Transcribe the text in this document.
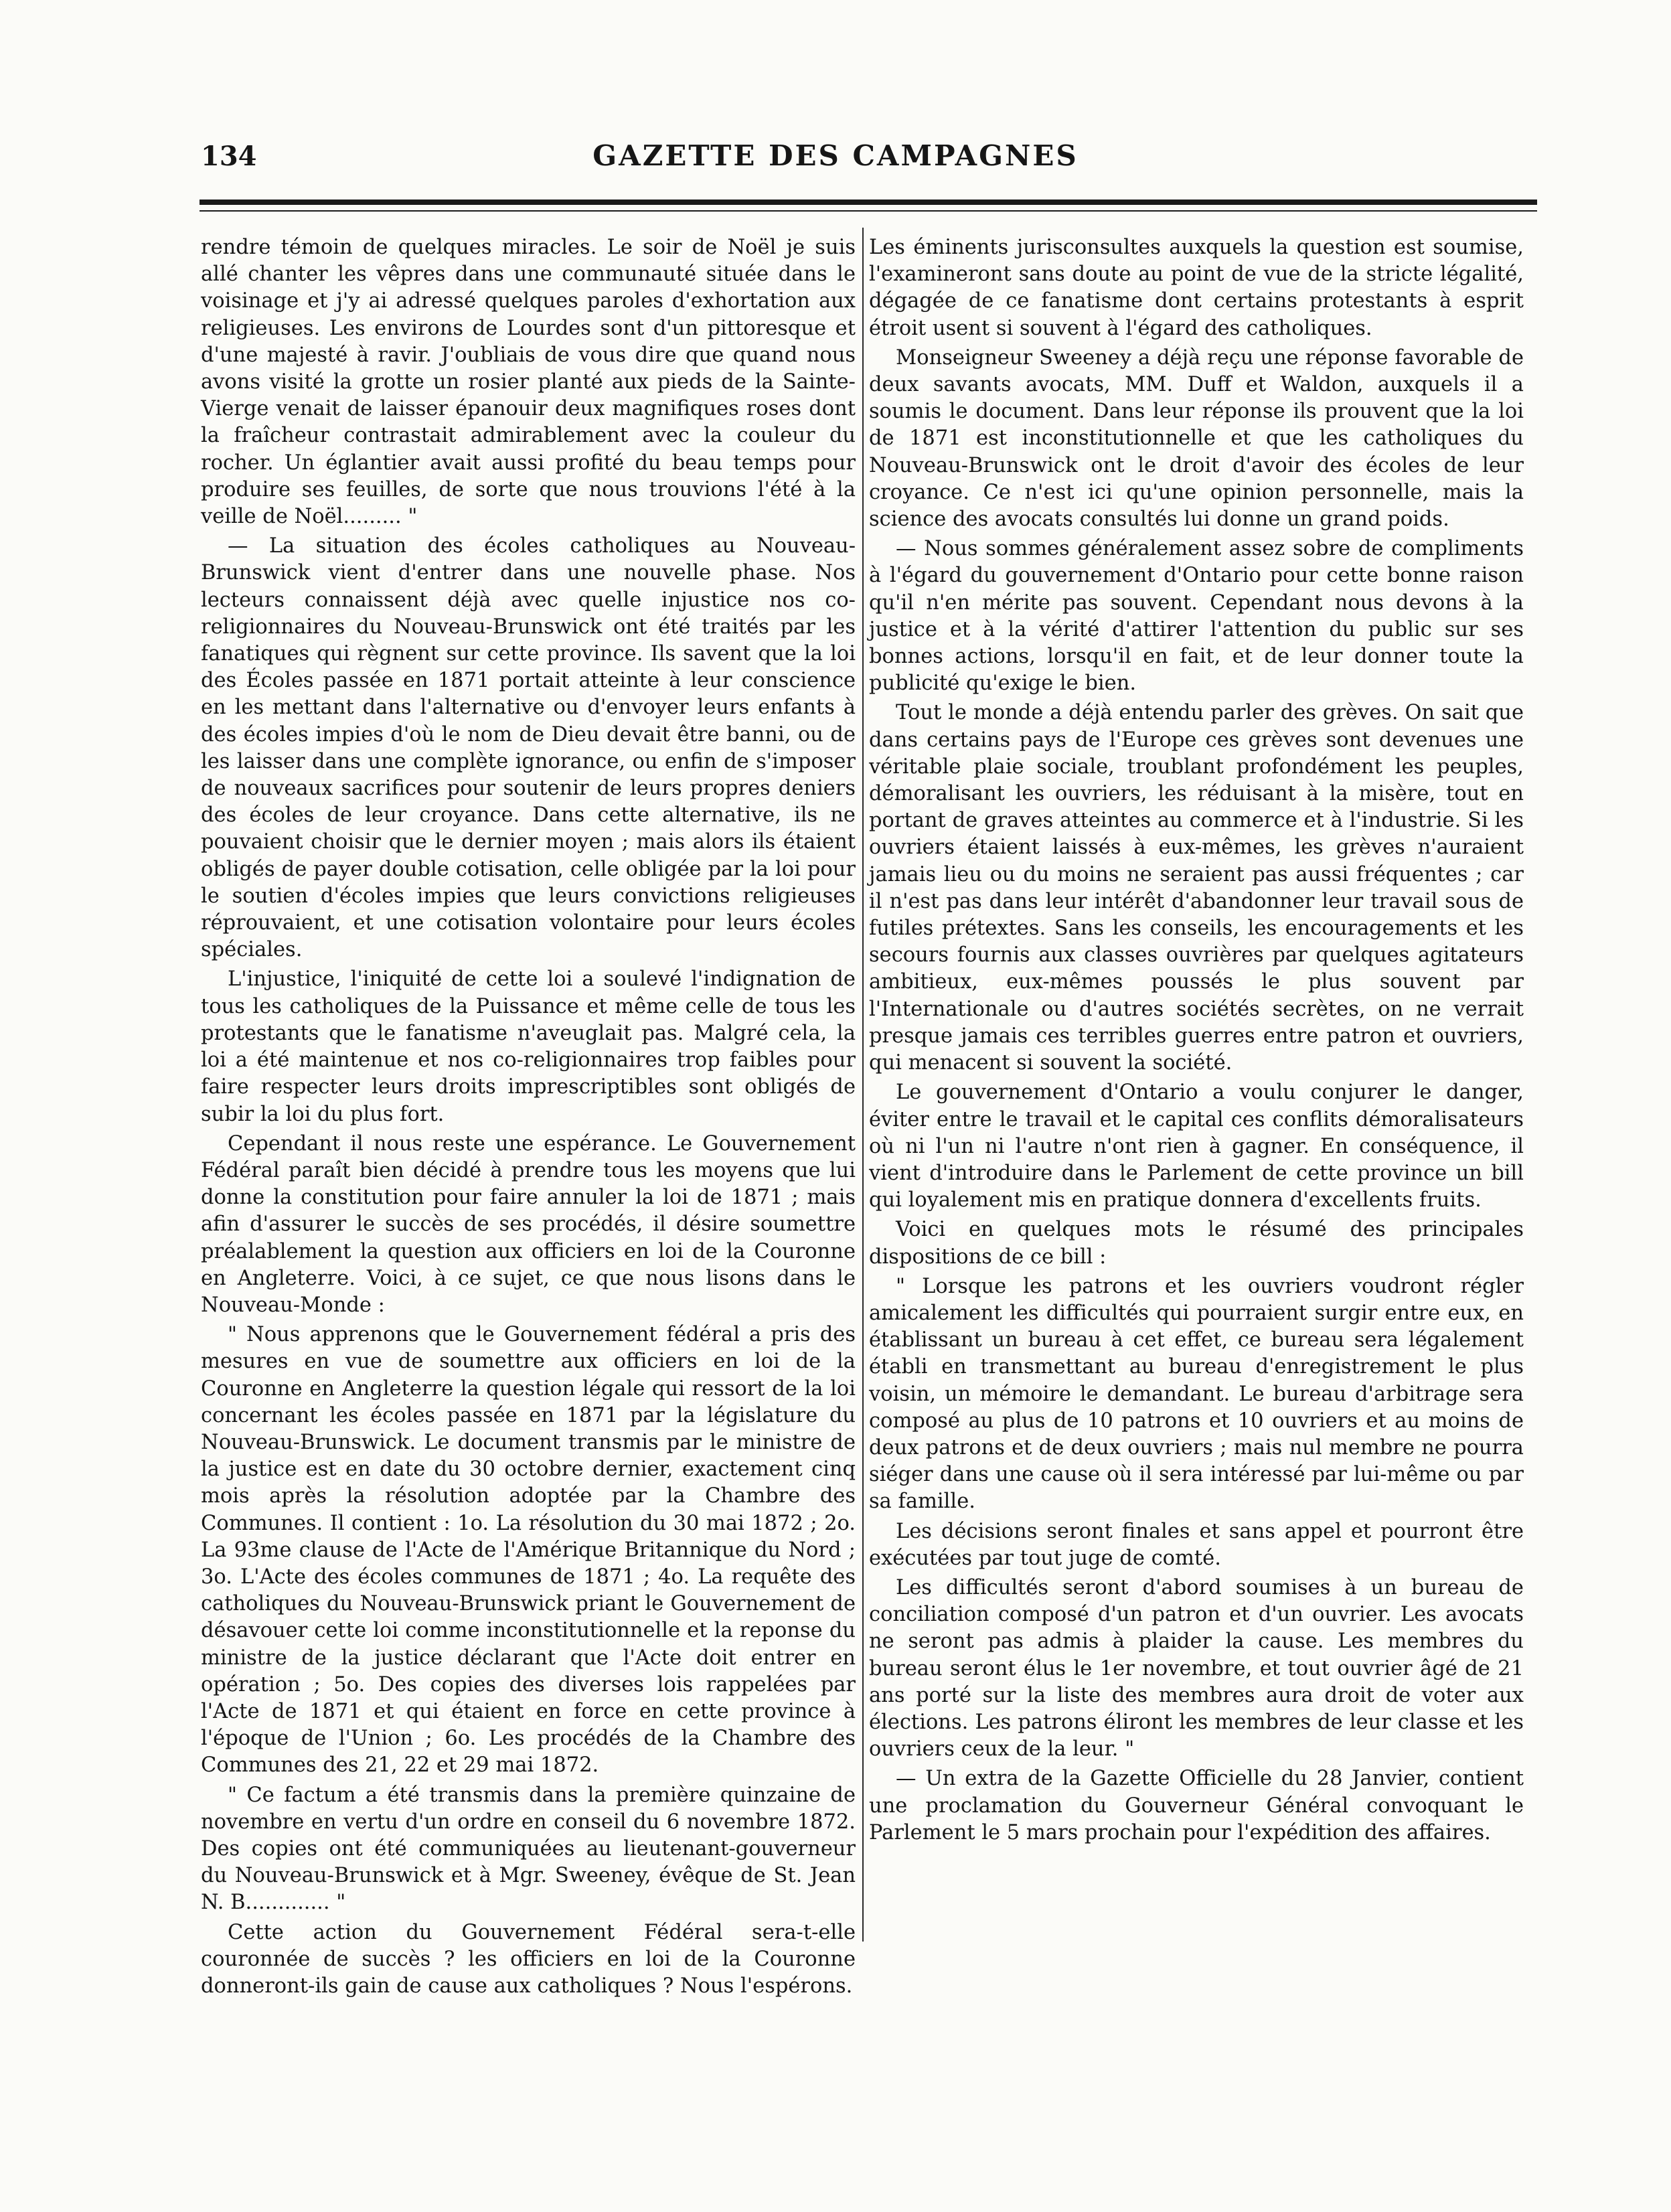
134	GAZETTE DES CAMPAGNES

rendre témoin de quelques miracles. Le soir de Noël je suis allé chanter les vêpres dans une communauté située dans le voisinage et j'y ai adressé quelques paroles d'exhortation aux religieuses. Les environs de Lourdes sont d'un pittoresque et d'une majesté à ravir. J'oubliais de vous dire que quand nous avons visité la grotte un rosier planté aux pieds de la Sainte-Vierge venait de laisser épanouir deux magnifiques roses dont la fraîcheur contrastait admirablement avec la couleur du rocher. Un églantier avait aussi profité du beau temps pour produire ses feuilles, de sorte que nous trouvions l'été à la veille de Noël......... "

— La situation des écoles catholiques au Nouveau-Brunswick vient d'entrer dans une nouvelle phase. Nos lecteurs connaissent déjà avec quelle injustice nos co-religionnaires du Nouveau-Brunswick ont été traités par les fanatiques qui règnent sur cette province. Ils savent que la loi des Écoles passée en 1871 portait atteinte à leur conscience en les mettant dans l'alternative ou d'envoyer leurs enfants à des écoles impies d'où le nom de Dieu devait être banni, ou de les laisser dans une complète ignorance, ou enfin de s'imposer de nouveaux sacrifices pour soutenir de leurs propres deniers des écoles de leur croyance. Dans cette alternative, ils ne pouvaient choisir que le dernier moyen ; mais alors ils étaient obligés de payer double cotisation, celle obligée par la loi pour le soutien d'écoles impies que leurs convictions religieuses réprouvaient, et une cotisation volontaire pour leurs écoles spéciales.

L'injustice, l'iniquité de cette loi a soulevé l'indignation de tous les catholiques de la Puissance et même celle de tous les protestants que le fanatisme n'aveuglait pas. Malgré cela, la loi a été maintenue et nos co-religionnaires trop faibles pour faire respecter leurs droits imprescriptibles sont obligés de subir la loi du plus fort.

Cependant il nous reste une espérance. Le Gouvernement Fédéral paraît bien décidé à prendre tous les moyens que lui donne la constitution pour faire annuler la loi de 1871 ; mais afin d'assurer le succès de ses procédés, il désire soumettre préalablement la question aux officiers en loi de la Couronne en Angleterre. Voici, à ce sujet, ce que nous lisons dans le Nouveau-Monde :

" Nous apprenons que le Gouvernement fédéral a pris des mesures en vue de soumettre aux officiers en loi de la Couronne en Angleterre la question légale qui ressort de la loi concernant les écoles passée en 1871 par la législature du Nouveau-Brunswick. Le document transmis par le ministre de la justice est en date du 30 octobre dernier, exactement cinq mois après la résolution adoptée par la Chambre des Communes. Il contient : 1o. La résolution du 30 mai 1872 ; 2o. La 93me clause de l'Acte de l'Amérique Britannique du Nord ; 3o. L'Acte des écoles communes de 1871 ; 4o. La requête des catholiques du Nouveau-Brunswick priant le Gouvernement de désavouer cette loi comme inconstitutionnelle et la reponse du ministre de la justice déclarant que l'Acte doit entrer en opération ; 5o. Des copies des diverses lois rappelées par l'Acte de 1871 et qui étaient en force en cette province à l'époque de l'Union ; 6o. Les procédés de la Chambre des Communes des 21, 22 et 29 mai 1872.

" Ce factum a été transmis dans la première quinzaine de novembre en vertu d'un ordre en conseil du 6 novembre 1872. Des copies ont été communiquées au lieutenant-gouverneur du Nouveau-Brunswick et à Mgr. Sweeney, évêque de St. Jean N. B............. "

Cette action du Gouvernement Fédéral sera-t-elle couronnée de succès ? les officiers en loi de la Couronne donneront-ils gain de cause aux catholiques ? Nous l'espérons.

Les éminents jurisconsultes auxquels la question est soumise, l'examineront sans doute au point de vue de la stricte légalité, dégagée de ce fanatisme dont certains protestants à esprit étroit usent si souvent à l'égard des catholiques.

Monseigneur Sweeney a déjà reçu une réponse favorable de deux savants avocats, MM. Duff et Waldon, auxquels il a soumis le document. Dans leur réponse ils prouvent que la loi de 1871 est inconstitutionnelle et que les catholiques du Nouveau-Brunswick ont le droit d'avoir des écoles de leur croyance. Ce n'est ici qu'une opinion personnelle, mais la science des avocats consultés lui donne un grand poids.

— Nous sommes généralement assez sobre de compliments à l'égard du gouvernement d'Ontario pour cette bonne raison qu'il n'en mérite pas souvent. Cependant nous devons à la justice et à la vérité d'attirer l'attention du public sur ses bonnes actions, lorsqu'il en fait, et de leur donner toute la publicité qu'exige le bien.

Tout le monde a déjà entendu parler des grèves. On sait que dans certains pays de l'Europe ces grèves sont devenues une véritable plaie sociale, troublant profondément les peuples, démoralisant les ouvriers, les réduisant à la misère, tout en portant de graves atteintes au commerce et à l'industrie. Si les ouvriers étaient laissés à eux-mêmes, les grèves n'auraient jamais lieu ou du moins ne seraient pas aussi fréquentes ; car il n'est pas dans leur intérêt d'abandonner leur travail sous de futiles prétextes. Sans les conseils, les encouragements et les secours fournis aux classes ouvrières par quelques agitateurs ambitieux, eux-mêmes poussés le plus souvent par l'Internationale ou d'autres sociétés secrètes, on ne verrait presque jamais ces terribles guerres entre patron et ouvriers, qui menacent si souvent la société.

Le gouvernement d'Ontario a voulu conjurer le danger, éviter entre le travail et le capital ces conflits démoralisateurs où ni l'un ni l'autre n'ont rien à gagner. En conséquence, il vient d'introduire dans le Parlement de cette province un bill qui loyalement mis en pratique donnera d'excellents fruits.

Voici en quelques mots le résumé des principales dispositions de ce bill :

" Lorsque les patrons et les ouvriers voudront régler amicalement les difficultés qui pourraient surgir entre eux, en établissant un bureau à cet effet, ce bureau sera légalement établi en transmettant au bureau d'enregistrement le plus voisin, un mémoire le demandant. Le bureau d'arbitrage sera composé au plus de 10 patrons et 10 ouvriers et au moins de deux patrons et de deux ouvriers ; mais nul membre ne pourra siéger dans une cause où il sera intéressé par lui-même ou par sa famille.

Les décisions seront finales et sans appel et pourront être exécutées par tout juge de comté.

Les difficultés seront d'abord soumises à un bureau de conciliation composé d'un patron et d'un ouvrier. Les avocats ne seront pas admis à plaider la cause. Les membres du bureau seront élus le 1er novembre, et tout ouvrier âgé de 21 ans porté sur la liste des membres aura droit de voter aux élections. Les patrons éliront les membres de leur classe et les ouvriers ceux de la leur. "

— Un extra de la Gazette Officielle du 28 Janvier, contient une proclamation du Gouverneur Général convoquant le Parlement le 5 mars prochain pour l'expédition des affaires.
